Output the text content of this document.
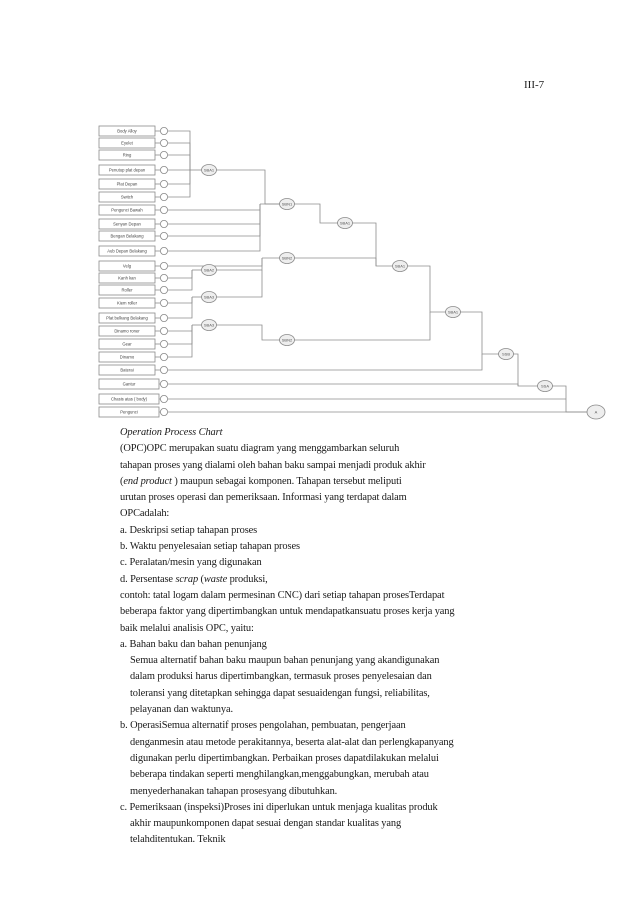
III-7
Body Alloy
Eyelet
Ring
Penutup plat depan
Plat Depan
Switch
Pengunci Bawah
Senyan Depan
Bengan Belakang
Aub Depan Belakang
Velg
Kanh kan
Roller
Kiem roller
Plat belkang Belakang
Dinamo roner
Gear
Dinamo
Baterai
Gantur
Chasis atas ( body)
Pengunci
SBA1
SBN1
SBA1
SBN2
SBA1
SBA2
SBA3
SBA3
SBN2
SBA1
SSB
SSA
A

Operation Process Chart

(OPC)OPC merupakan suatu diagram yang menggambarkan seluruh

tahapan proses yang dialami oleh bahan baku sampai menjadi produk akhir

(end product ) maupun sebagai komponen. Tahapan tersebut meliputi

urutan proses operasi dan pemeriksaan. Informasi yang terdapat dalam

OPCadalah:

a. Deskripsi setiap tahapan proses

b. Waktu penyelesaian setiap tahapan proses

c. Peralatan/mesin yang digunakan

d. Persentase scrap (waste produksi,

contoh: tatal logam dalam permesinan CNC) dari setiap tahapan prosesTerdapat

beberapa faktor yang dipertimbangkan untuk mendapatkansuatu proses kerja yang

baik melalui analisis OPC, yaitu:

a. Bahan baku dan bahan penunjang

Semua alternatif bahan baku maupun bahan penunjang yang akandigunakan

dalam produksi harus dipertimbangkan, termasuk proses penyelesaian dan

toleransi yang ditetapkan sehingga dapat sesuaidengan fungsi, reliabilitas,

pelayanan dan waktunya.

b. OperasiSemua alternatif proses pengolahan, pembuatan, pengerjaan

denganmesin atau metode perakitannya, beserta alat-alat dan perlengkapanyang

digunakan perlu dipertimbangkan. Perbaikan proses dapatdilakukan melalui

beberapa tindakan seperti menghilangkan,menggabungkan, merubah atau

menyederhanakan tahapan prosesyang dibutuhkan.

c. Pemeriksaan (inspeksi)Proses ini diperlukan untuk menjaga kualitas produk

akhir maupunkomponen dapat sesuai dengan standar kualitas yang

telahditentukan. Teknik
